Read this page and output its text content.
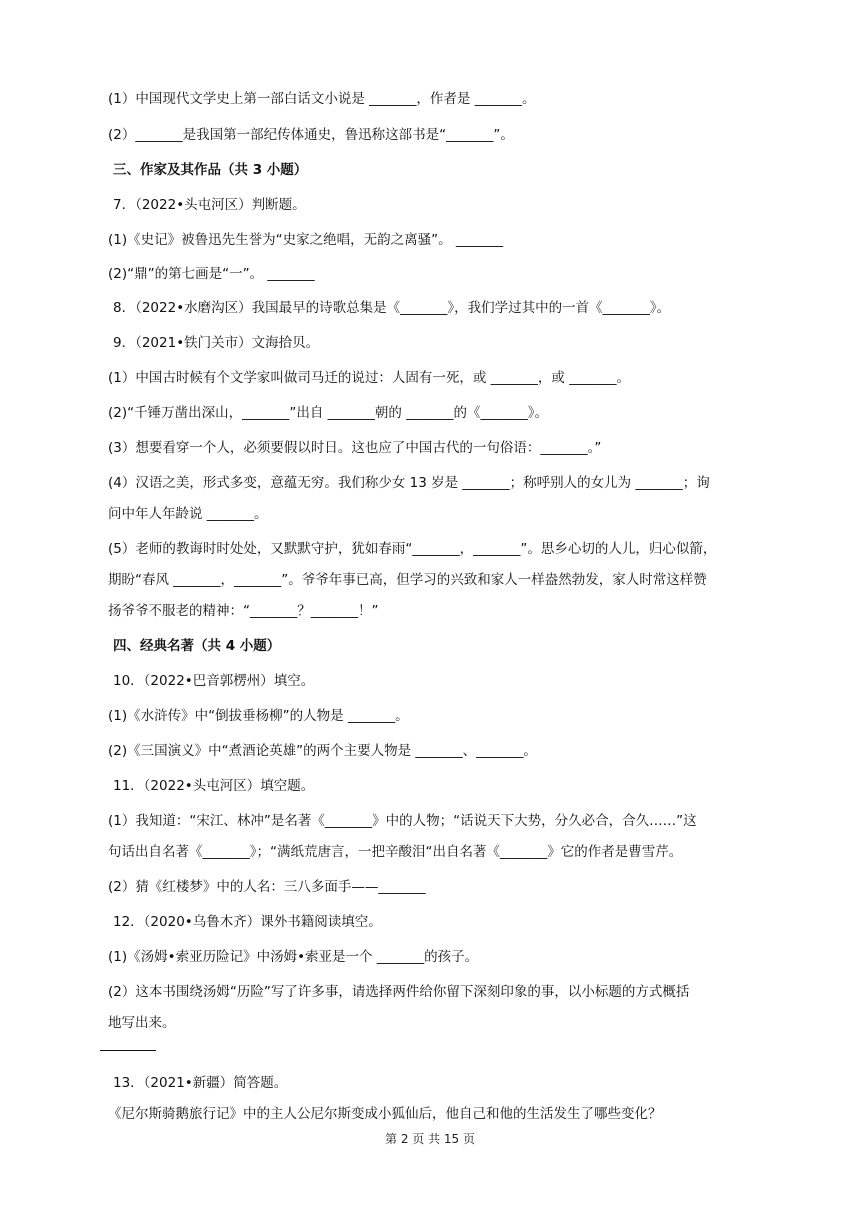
(1）中国现代文学史上第一部白话文小说是 _______，作者是 _______。
(2）_______是我国第一部纪传体通史，鲁迅称这部书是“_______”。
三、作家及其作品（共 3 小题）
7．（2022•头屯河区）判断题。
(1)《史记》被鲁迅先生誉为“史家之绝唱，无韵之离骚”。 _______
(2)“鼎”的第七画是“一”。 _______
8．（2022•水磨沟区）我国最早的诗歌总集是《_______》，我们学过其中的一首《_______》。
9．（2021•铁门关市）文海拾贝。
(1）中国古时候有个文学家叫做司马迁的说过：人固有一死，或 _______，或 _______。
(2)“千锤万凿出深山，_______”出自 _______朝的 _______的《_______》。
(3）想要看穿一个人，必须要假以时日。这也应了中国古代的一句俗语：_______。”
(4）汉语之美，形式多变，意蕴无穷。我们称少女 13 岁是 _______；称呼别人的女儿为 _______；询
问中年人年龄说 _______。
(5）老师的教诲时时处处，又默默守护，犹如春雨“_______，_______”。思乡心切的人儿，归心似箭，
期盼“春风 _______，_______”。爷爷年事已高，但学习的兴致和家人一样盎然勃发，家人时常这样赞
扬爷爷不服老的精神：“_______？_______！”
四、经典名著（共 4 小题）
10．（2022•巴音郭楞州）填空。
(1)《水浒传》中“倒拔垂杨柳”的人物是 _______。
(2)《三国演义》中“煮酒论英雄”的两个主要人物是 _______、_______。
11．（2022•头屯河区）填空题。
(1）我知道：“宋江、林冲”是名著《_______》中的人物；“话说天下大势，分久必合，合久……”这
句话出自名著《_______》；“满纸荒唐言，一把辛酸泪“出自名著《_______》它的作者是曹雪芹。
(2）猜《红楼梦》中的人名：三八多面手——_______
12．（2020•乌鲁木齐）课外书籍阅读填空。
(1)《汤姆•索亚历险记》中汤姆•索亚是一个 _______的孩子。
(2）这本书围绕汤姆“历险”写了许多事，请选择两件给你留下深刻印象的事，以小标题的方式概括
地写出来。
13．（2021•新疆）简答题。
《尼尔斯骑鹅旅行记》中的主人公尼尔斯变成小狐仙后，他自己和他的生活发生了哪些变化？
第 2 页 共 15 页
